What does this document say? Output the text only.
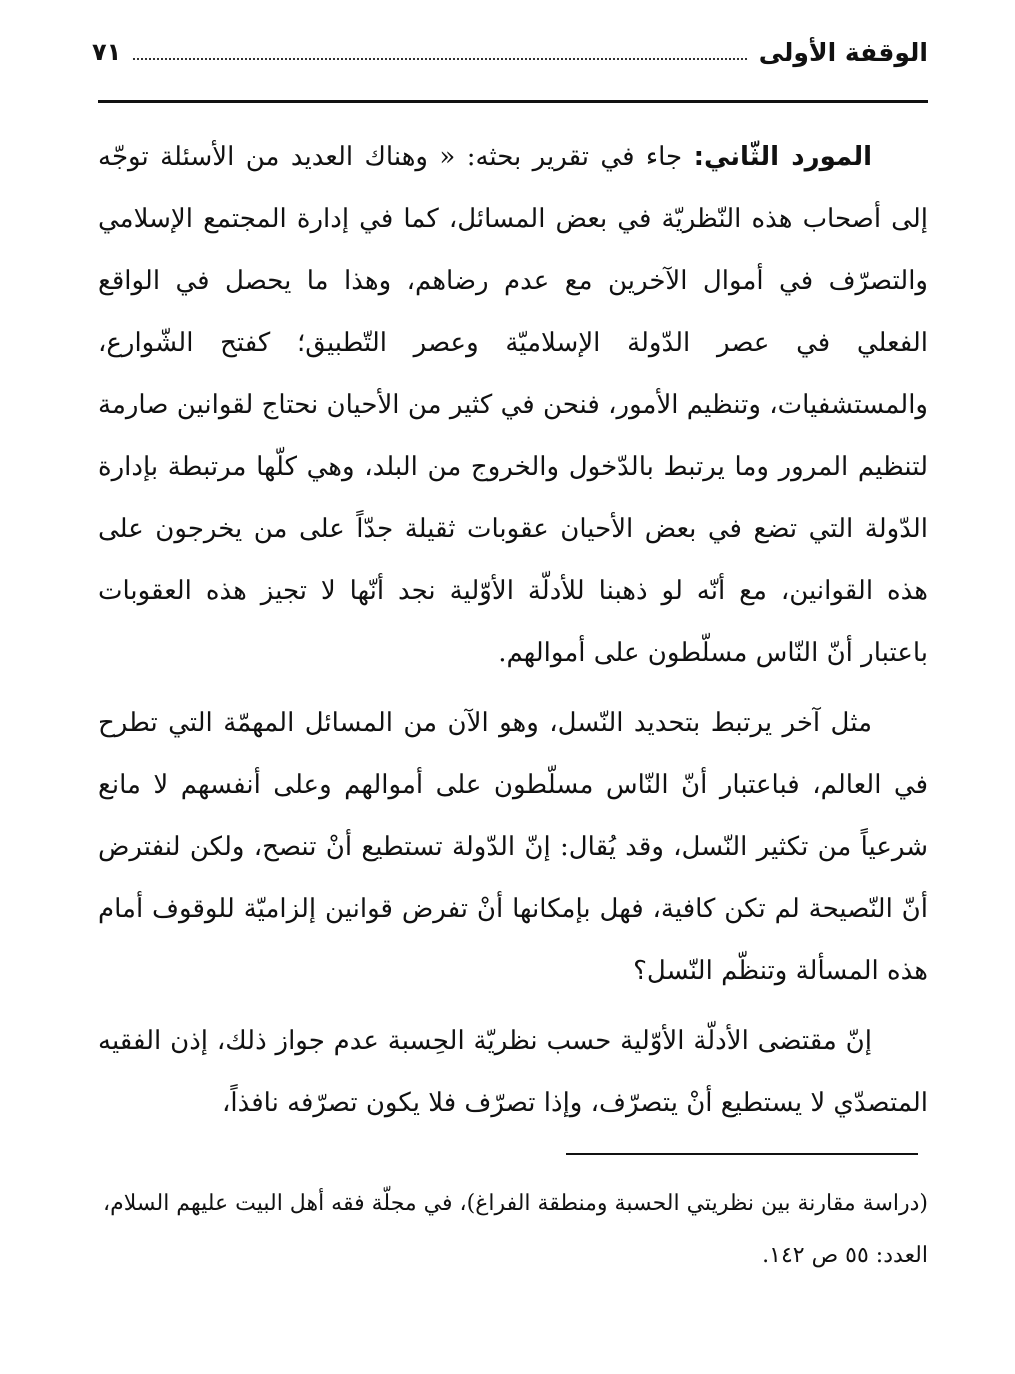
الوقفة الأولى
٧١

المورد الثّاني: جاء في تقرير بحثه: « وهناك العديد من الأسئلة توجّه إلى أصحاب هذه النّظريّة في بعض المسائل، كما في إدارة المجتمع الإسلامي والتصرّف في أموال الآخرين مع عدم رضاهم، وهذا ما يحصل في الواقع الفعلي في عصر الدّولة الإسلاميّة وعصر التّطبيق؛ كفتح الشّوارع، والمستشفيات، وتنظيم الأمور، فنحن في كثير من الأحيان نحتاج لقوانين صارمة لتنظيم المرور وما يرتبط بالدّخول والخروج من البلد، وهي كلّها مرتبطة بإدارة الدّولة التي تضع في بعض الأحيان عقوبات ثقيلة جدّاً على من يخرجون على هذه القوانين، مع أنّه لو ذهبنا للأدلّة الأوّلية نجد أنّها لا تجيز هذه العقوبات باعتبار أنّ النّاس مسلّطون على أموالهم.

مثل آخر يرتبط بتحديد النّسل، وهو الآن من المسائل المهمّة التي تطرح في العالم، فباعتبار أنّ النّاس مسلّطون على أموالهم وعلى أنفسهم لا مانع شرعياً من تكثير النّسل، وقد يُقال: إنّ الدّولة تستطيع أنْ تنصح، ولكن لنفترض أنّ النّصيحة لم تكن كافية، فهل بإمكانها أنْ تفرض قوانين إلزاميّة للوقوف أمام هذه المسألة وتنظّم النّسل؟

إنّ مقتضى الأدلّة الأوّلية حسب نظريّة الحِسبة عدم جواز ذلك، إذن الفقيه المتصدّي لا يستطيع أنْ يتصرّف، وإذا تصرّف فلا يكون تصرّفه نافذاً،

(دراسة مقارنة بين نظريتي الحسبة ومنطقة الفراغ)، في مجلّة فقه أهل البيت عليهم السلام،

العدد: ٥٥ ص ١٤٢.
